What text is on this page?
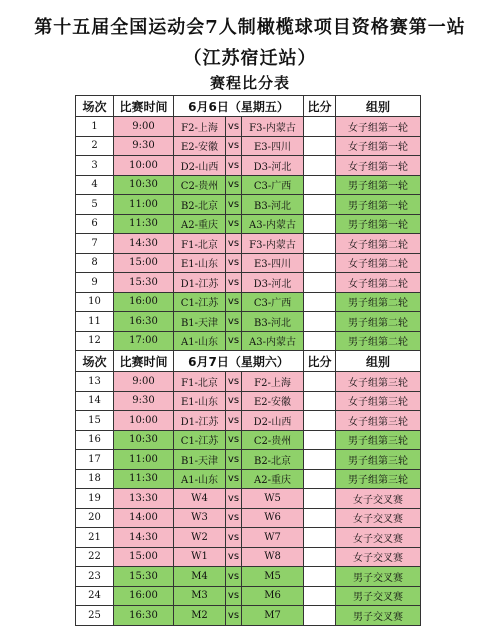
第十五届全国运动会7人制橄榄球项目资格赛第一站
（江苏宿迁站）
赛程比分表
场次	比赛时间	6月6日（星期五）			比分	组别
1	9:00	F2-上海	vs	F3-内蒙古		女子组第一轮
2	9:30	E2-安徽	vs	E3-四川		女子组第一轮
3	10:00	D2-山西	vs	D3-河北		女子组第一轮
4	10:30	C2-贵州	vs	C3-广西		男子组第一轮
5	11:00	B2-北京	vs	B3-河北		男子组第一轮
6	11:30	A2-重庆	vs	A3-内蒙古		男子组第一轮
7	14:30	F1-北京	vs	F3-内蒙古		女子组第二轮
8	15:00	E1-山东	vs	E3-四川		女子组第二轮
9	15:30	D1-江苏	vs	D3-河北		女子组第二轮
10	16:00	C1-江苏	vs	C3-广西		男子组第二轮
11	16:30	B1-天津	vs	B3-河北		男子组第二轮
12	17:00	A1-山东	vs	A3-内蒙古		男子组第二轮
场次	比赛时间	6月7日（星期六）			比分	组别
13	9:00	F1-北京	vs	F2-上海		女子组第三轮
14	9:30	E1-山东	vs	E2-安徽		女子组第三轮
15	10:00	D1-江苏	vs	D2-山西		女子组第三轮
16	10:30	C1-江苏	vs	C2-贵州		男子组第三轮
17	11:00	B1-天津	vs	B2-北京		男子组第三轮
18	11:30	A1-山东	vs	A2-重庆		男子组第三轮
19	13:30	W4	vs	W5		女子交叉赛
20	14:00	W3	vs	W6		女子交叉赛
21	14:30	W2	vs	W7		女子交叉赛
22	15:00	W1	vs	W8		女子交叉赛
23	15:30	M4	vs	M5		男子交叉赛
24	16:00	M3	vs	M6		男子交叉赛
25	16:30	M2	vs	M7		男子交叉赛
